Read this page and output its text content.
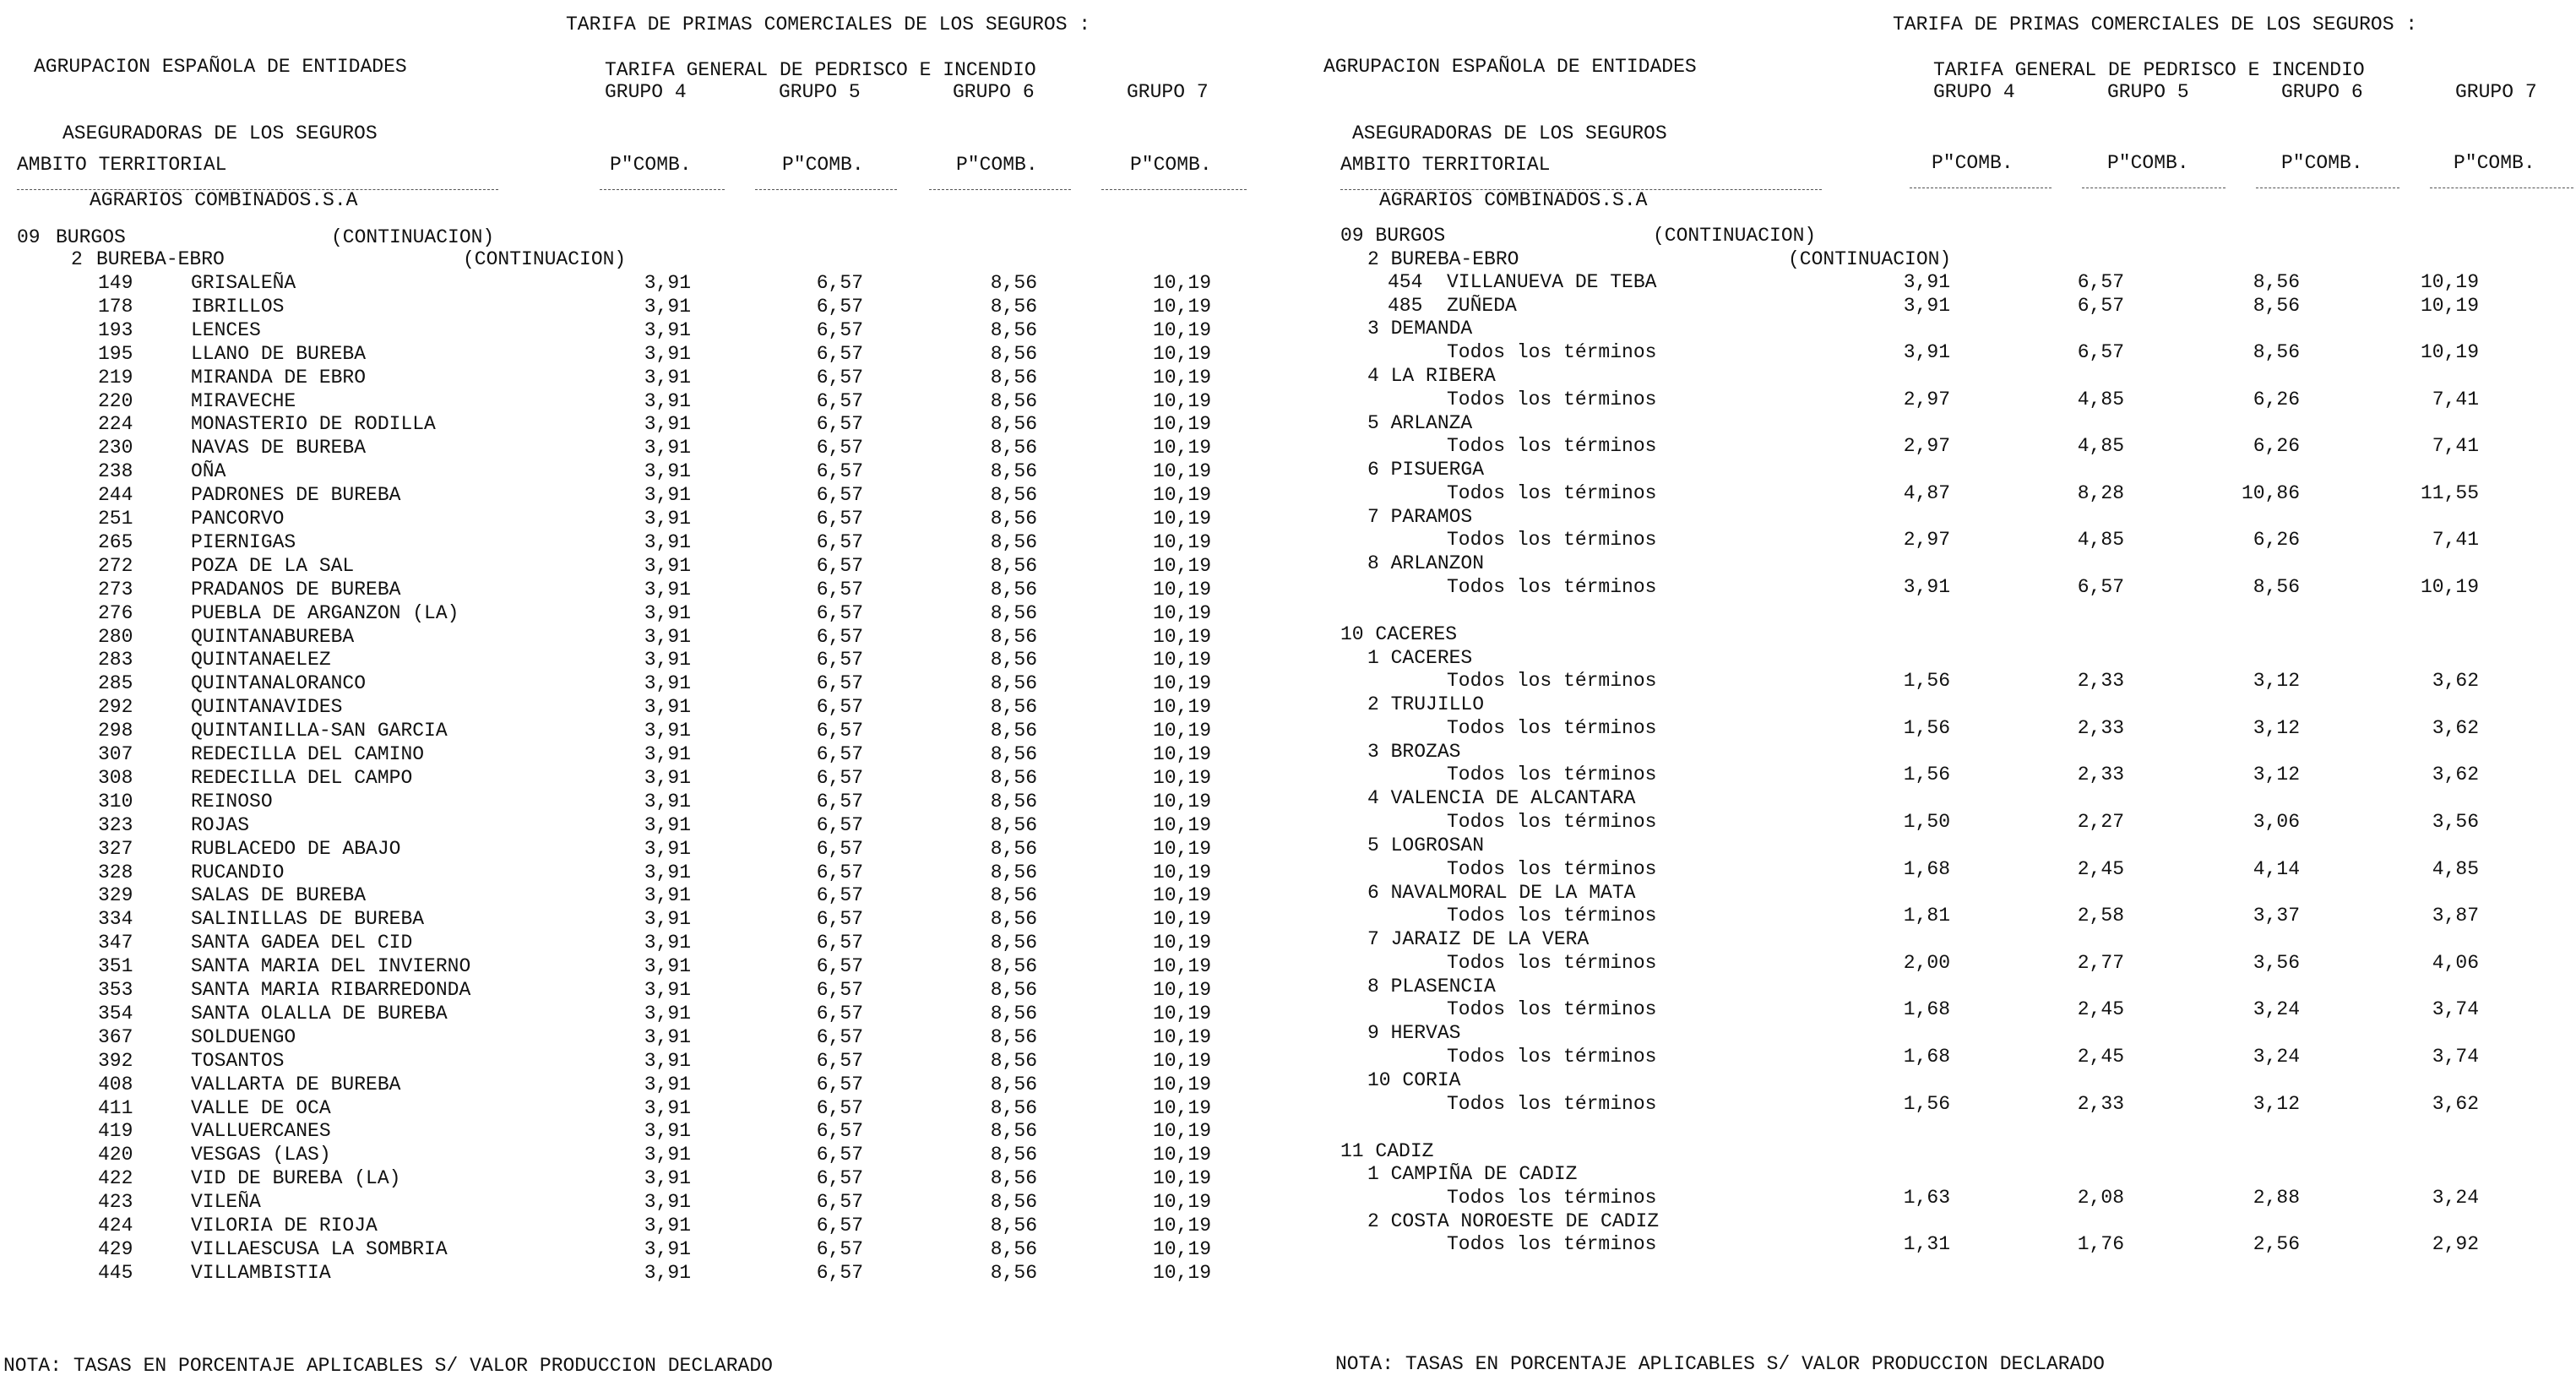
AGRUPACION ESPAÑOLA DE ENTIDADES

ASEGURADORAS DE LOS SEGUROS

AGRARIOS COMBINADOS.S.A

TARIFA DE PRIMAS COMERCIALES DE LOS SEGUROS :
TARIFA GENERAL DE PEDRISCO E INCENDIO
GRUPO 4	GRUPO 5	GRUPO 6	GRUPO 7
AMBITO TERRITORIAL	P"COMB.	P"COMB.	P"COMB.	P"COMB.
09 BURGOS	(CONTINUACION)
2 BUREBA-EBRO	(CONTINUACION)
149	GRISALEÑA	3,91	6,57	8,56	10,19
178	IBRILLOS	3,91	6,57	8,56	10,19
193	LENCES	3,91	6,57	8,56	10,19
195	LLANO DE BUREBA	3,91	6,57	8,56	10,19
219	MIRANDA DE EBRO	3,91	6,57	8,56	10,19
220	MIRAVECHE	3,91	6,57	8,56	10,19
224	MONASTERIO DE RODILLA	3,91	6,57	8,56	10,19
230	NAVAS DE BUREBA	3,91	6,57	8,56	10,19
238	OÑA	3,91	6,57	8,56	10,19
244	PADRONES DE BUREBA	3,91	6,57	8,56	10,19
251	PANCORVO	3,91	6,57	8,56	10,19
265	PIERNIGAS	3,91	6,57	8,56	10,19
272	POZA DE LA SAL	3,91	6,57	8,56	10,19
273	PRADANOS DE BUREBA	3,91	6,57	8,56	10,19
276	PUEBLA DE ARGANZON (LA)	3,91	6,57	8,56	10,19
280	QUINTANABUREBA	3,91	6,57	8,56	10,19
283	QUINTANAELEZ	3,91	6,57	8,56	10,19
285	QUINTANALORANCO	3,91	6,57	8,56	10,19
292	QUINTANAVIDES	3,91	6,57	8,56	10,19
298	QUINTANILLA-SAN GARCIA	3,91	6,57	8,56	10,19
307	REDECILLA DEL CAMINO	3,91	6,57	8,56	10,19
308	REDECILLA DEL CAMPO	3,91	6,57	8,56	10,19
310	REINOSO	3,91	6,57	8,56	10,19
323	ROJAS	3,91	6,57	8,56	10,19
327	RUBLACEDO DE ABAJO	3,91	6,57	8,56	10,19
328	RUCANDIO	3,91	6,57	8,56	10,19
329	SALAS DE BUREBA	3,91	6,57	8,56	10,19
334	SALINILLAS DE BUREBA	3,91	6,57	8,56	10,19
347	SANTA GADEA DEL CID	3,91	6,57	8,56	10,19
351	SANTA MARIA DEL INVIERNO	3,91	6,57	8,56	10,19
353	SANTA MARIA RIBARREDONDA	3,91	6,57	8,56	10,19
354	SANTA OLALLA DE BUREBA	3,91	6,57	8,56	10,19
367	SOLDUENGO	3,91	6,57	8,56	10,19
392	TOSANTOS	3,91	6,57	8,56	10,19
408	VALLARTA DE BUREBA	3,91	6,57	8,56	10,19
411	VALLE DE OCA	3,91	6,57	8,56	10,19
419	VALLUERCANES	3,91	6,57	8,56	10,19
420	VESGAS (LAS)	3,91	6,57	8,56	10,19
422	VID DE BUREBA (LA)	3,91	6,57	8,56	10,19
423	VILEÑA	3,91	6,57	8,56	10,19
424	VILORIA DE RIOJA	3,91	6,57	8,56	10,19
429	VILLAESCUSA LA SOMBRIA	3,91	6,57	8,56	10,19
445	VILLAMBISTIA	3,91	6,57	8,56	10,19
NOTA: TASAS EN PORCENTAJE APLICABLES S/ VALOR PRODUCCION DECLARADO

AGRUPACION ESPAÑOLA DE ENTIDADES

ASEGURADORAS DE LOS SEGUROS

AGRARIOS COMBINADOS.S.A

TARIFA DE PRIMAS COMERCIALES DE LOS SEGUROS :
TARIFA GENERAL DE PEDRISCO E INCENDIO
GRUPO 4	GRUPO 5	GRUPO 6	GRUPO 7
AMBITO TERRITORIAL	P"COMB.	P"COMB.	P"COMB.	P"COMB.
09 BURGOS	(CONTINUACION)
2 BUREBA-EBRO	(CONTINUACION)
454 VILLANUEVA DE TEBA	3,91	6,57	8,56	10,19
485 ZUÑEDA	3,91	6,57	8,56	10,19
3 DEMANDA
Todos los términos	3,91	6,57	8,56	10,19
4 LA RIBERA
Todos los términos	2,97	4,85	6,26	7,41
5 ARLANZA
Todos los términos	2,97	4,85	6,26	7,41
6 PISUERGA
Todos los términos	4,87	8,28	10,86	11,55
7 PARAMOS
Todos los términos	2,97	4,85	6,26	7,41
8 ARLANZON
Todos los términos	3,91	6,57	8,56	10,19
10 CACERES
1 CACERES
Todos los términos	1,56	2,33	3,12	3,62
2 TRUJILLO
Todos los términos	1,56	2,33	3,12	3,62
3 BROZAS
Todos los términos	1,56	2,33	3,12	3,62
4 VALENCIA DE ALCANTARA
Todos los términos	1,50	2,27	3,06	3,56
5 LOGROSAN
Todos los términos	1,68	2,45	4,14	4,85
6 NAVALMORAL DE LA MATA
Todos los términos	1,81	2,58	3,37	3,87
7 JARAIZ DE LA VERA
Todos los términos	2,00	2,77	3,56	4,06
8 PLASENCIA
Todos los términos	1,68	2,45	3,24	3,74
9 HERVAS
Todos los términos	1,68	2,45	3,24	3,74
10 CORIA
Todos los términos	1,56	2,33	3,12	3,62
11 CADIZ
1 CAMPIÑA DE CADIZ
Todos los términos	1,63	2,08	2,88	3,24
2 COSTA NOROESTE DE CADIZ
Todos los términos	1,31	1,76	2,56	2,92
NOTA: TASAS EN PORCENTAJE APLICABLES S/ VALOR PRODUCCION DECLARADO
